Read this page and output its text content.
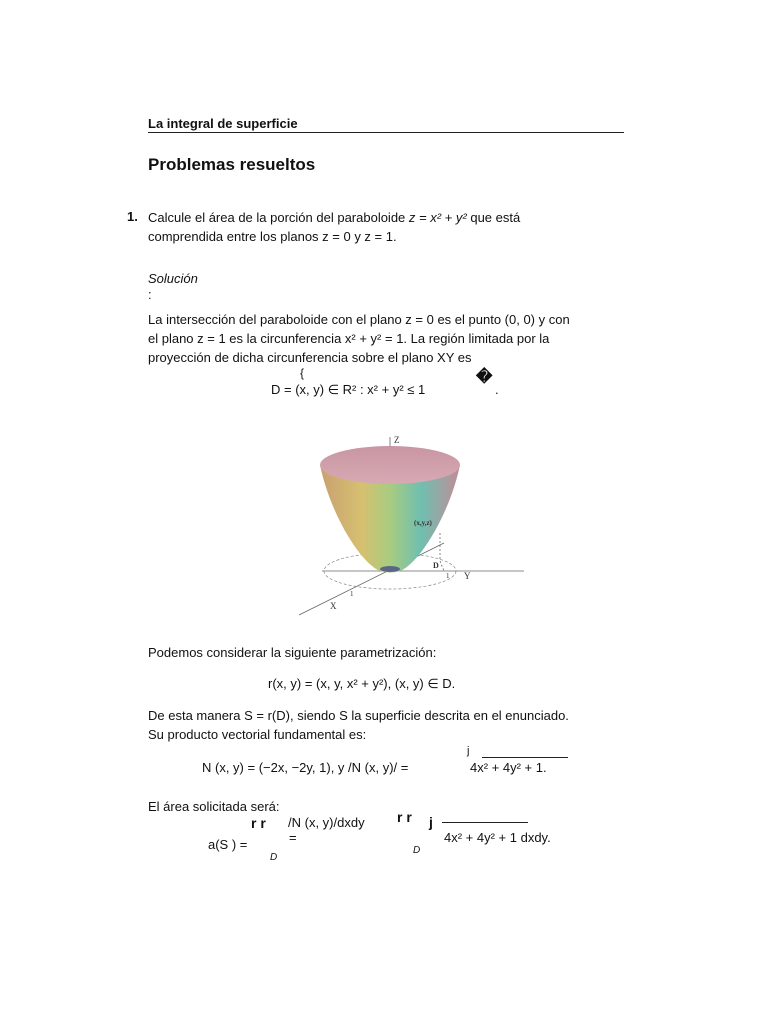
La integral de superficie
Problemas resueltos
1. Calcule el área de la porción del paraboloide z = x² + y² que está
comprendida entre los planos z = 0 y z = 1.
Solución
:
La intersección del paraboloide con el plano z = 0 es el punto (0, 0) y con
el plano z = 1 es la circunferencia x² + y² = 1. La región limitada por la
proyección de dicha circunferencia sobre el plano XY es
{
D = (x, y) ∈ R² : x² + y² ≤ 1
�
.
Z
Y
X
(x,y,z)
D
1
1
Podemos considerar la siguiente parametrización:
r(x, y) = (x, y, x² + y²), (x, y) ∈ D.
De esta manera S = r(D), siendo S la superficie descrita en el enunciado.
Su producto vectorial fundamental es:
j
N (x, y) = (−2x, −2y, 1), y /N (x, y)/ =	4x² + 4y² + 1.
El área solicitada será:
r r /N (x, y)/dxdy
=
a(S ) =
D
r r j
4x² + 4y² + 1 dxdy.
D
